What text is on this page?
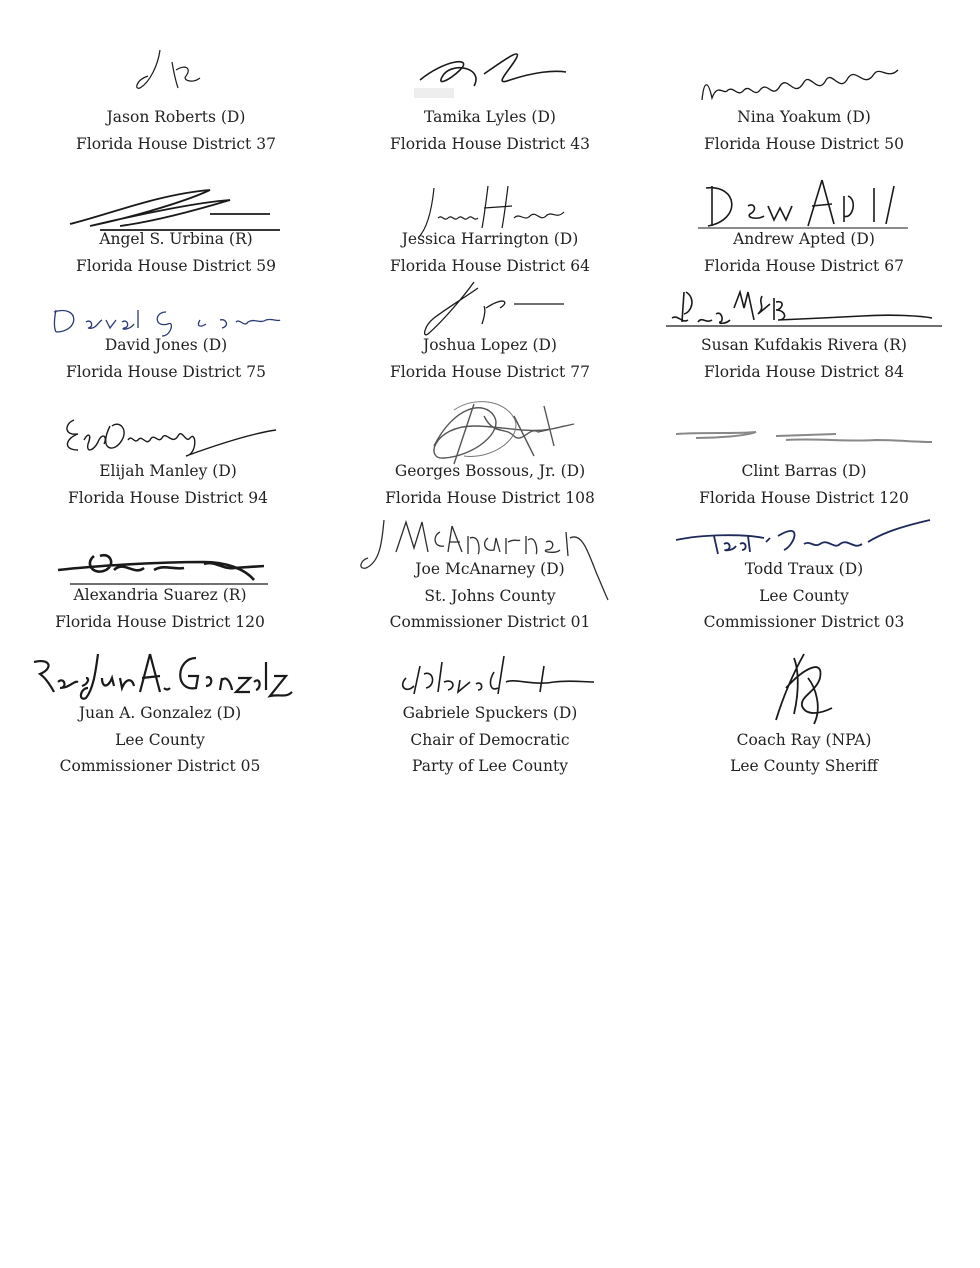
Jason Roberts (D)
Florida House District 37
Tamika Lyles (D)
Florida House District 43
Nina Yoakum (D)
Florida House District 50
Angel S. Urbina (R)
Florida House District 59
Jessica Harrington (D)
Florida House District 64
Andrew Apted (D)
Florida House District 67
David Jones (D)
Florida House District 75
Joshua Lopez (D)
Florida House District 77
Susan Kufdakis Rivera (R)
Florida House District 84
Elijah Manley (D)
Florida House District 94
Georges Bossous, Jr. (D)
Florida House District 108
Clint Barras (D)
Florida House District 120
Alexandria Suarez (R)
Florida House District 120
Joe McAnarney (D)
St. Johns County
Commissioner District 01
Todd Traux (D)
Lee County
Commissioner District 03
Juan A. Gonzalez (D)
Lee County
Commissioner District 05
Gabriele Spuckers (D)
Chair of Democratic
Party of Lee County

Coach Ray (NPA)
Lee County Sheriff
